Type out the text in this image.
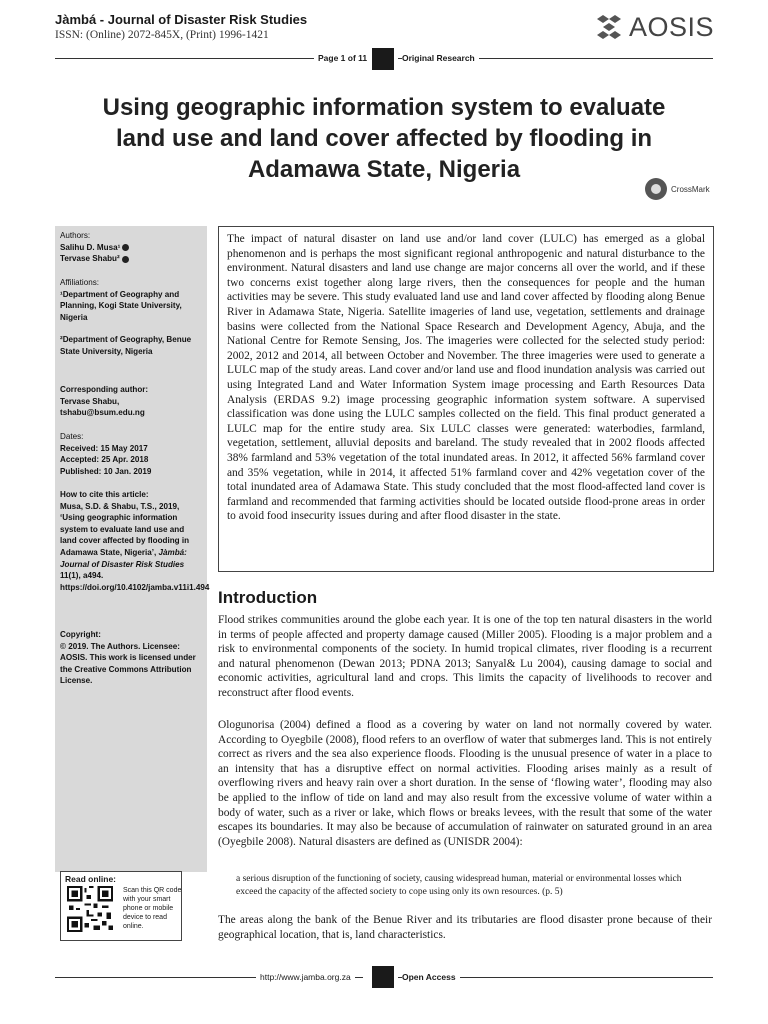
Jàmbá - Journal of Disaster Risk Studies
ISSN: (Online) 2072-845X, (Print) 1996-1421	AOSIS
Page 1 of 11	Original Research
Using geographic information system to evaluate land use and land cover affected by flooding in Adamawa State, Nigeria
CrossMark
Authors:
Salihu D. Musa¹
Tervase Shabu²
Affiliations:
¹Department of Geography and Planning, Kogi State University, Nigeria
²Department of Geography, Benue State University, Nigeria
Corresponding author:
Tervase Shabu,
tshabu@bsum.edu.ng
Dates:
Received: 15 May 2017
Accepted: 25 Apr. 2018
Published: 10 Jan. 2019
How to cite this article:
Musa, S.D. & Shabu, T.S., 2019, ‘Using geographic information system to evaluate land use and land cover affected by flooding in Adamawa State, Nigeria’, Jàmbá: Journal of Disaster Risk Studies 11(1), a494. https://doi.org/10.4102/jamba.v11i1.494
Copyright:
© 2019. The Authors. Licensee: AOSIS. This work is licensed under the Creative Commons Attribution License.
Read online:
Scan this QR code with your smart phone or mobile device to read online.
The impact of natural disaster on land use and/or land cover (LULC) has emerged as a global phenomenon and is perhaps the most significant regional anthropogenic and natural disturbance to the environment. Natural disasters and land use change are major concerns all over the world, and if these two concerns exist together along large rivers, then the consequences for people and the human activities may be severe. This study evaluated land use and land cover affected by flooding along Benue River in Adamawa State, Nigeria. Satellite imageries of land use, vegetation, settlements and drainage basins were collected from the National Space Research and Development Agency, Abuja, and the National Centre for Remote Sensing, Jos. The imageries were collected for the selected study period: 2002, 2012 and 2014, all between October and November. The three imageries were used to generate a LULC map of the study areas. Land cover and/or land use and flood inundation analysis was carried out using Integrated Land and Water Information System image processing and Earth Resources Data Analysis (ERDAS 9.2) image processing geographic information system software. A supervised classification was done using the LULC samples collected on the field. This final product generated a LULC map for the entire study area. Six LULC classes were generated: waterbodies, farmland, vegetation, settlement, alluvial deposits and bareland. The study revealed that in 2002 floods affected 38% farmland and 53% vegetation of the total inundated areas. In 2012, it affected 56% farmland cover and 35% vegetation, while in 2014, it affected 51% farmland cover and 42% vegetation cover of the total inundated area of Adamawa State. This study concluded that the most flood-affected land cover is farmland and recommended that farming activities should be located outside flood-prone areas in order to avoid food insecurity issues during and after flood disaster in the state.
Introduction
Flood strikes communities around the globe each year. It is one of the top ten natural disasters in the world in terms of people affected and property damage caused (Miller 2005). Flooding is a major problem and a risk to environmental components of the society. In humid tropical climates, river flooding is a recurrent and natural phenomenon (Dewan 2013; PDNA 2013; Sanyal& Lu 2004), causing damage to social and economic activities, agricultural land and crops. This limits the capacity of livelihoods to recover and reconstruct after flood events.
Ologunorisa (2004) defined a flood as a covering by water on land not normally covered by water. According to Oyegbile (2008), flood refers to an overflow of water that submerges land. This is not entirely correct as rivers and the sea also experience floods. Flooding is the unusual presence of water in a place to an intensity that has a disruptive effect on normal activities. Flooding arises mainly as a result of overflowing rivers and heavy rain over a short duration. In the sense of ‘flowing water’, flooding may also be applied to the inflow of tide on land and may also result from the excessive volume of water within a body of water, such as a river or lake, which flows or breaks levees, with the result that some of the water escapes its boundaries. It may also be because of accumulation of rainwater on saturated ground in an area (Oyegbile 2008). Natural disasters are defined as (UNISDR 2004):
a serious disruption of the functioning of society, causing widespread human, material or environmental losses which exceed the capacity of the affected society to cope using only its own resources. (p. 5)
The areas along the bank of the Benue River and its tributaries are flood disaster prone because of their geographical location, that is, land characteristics.
http://www.jamba.org.za	Open Access
